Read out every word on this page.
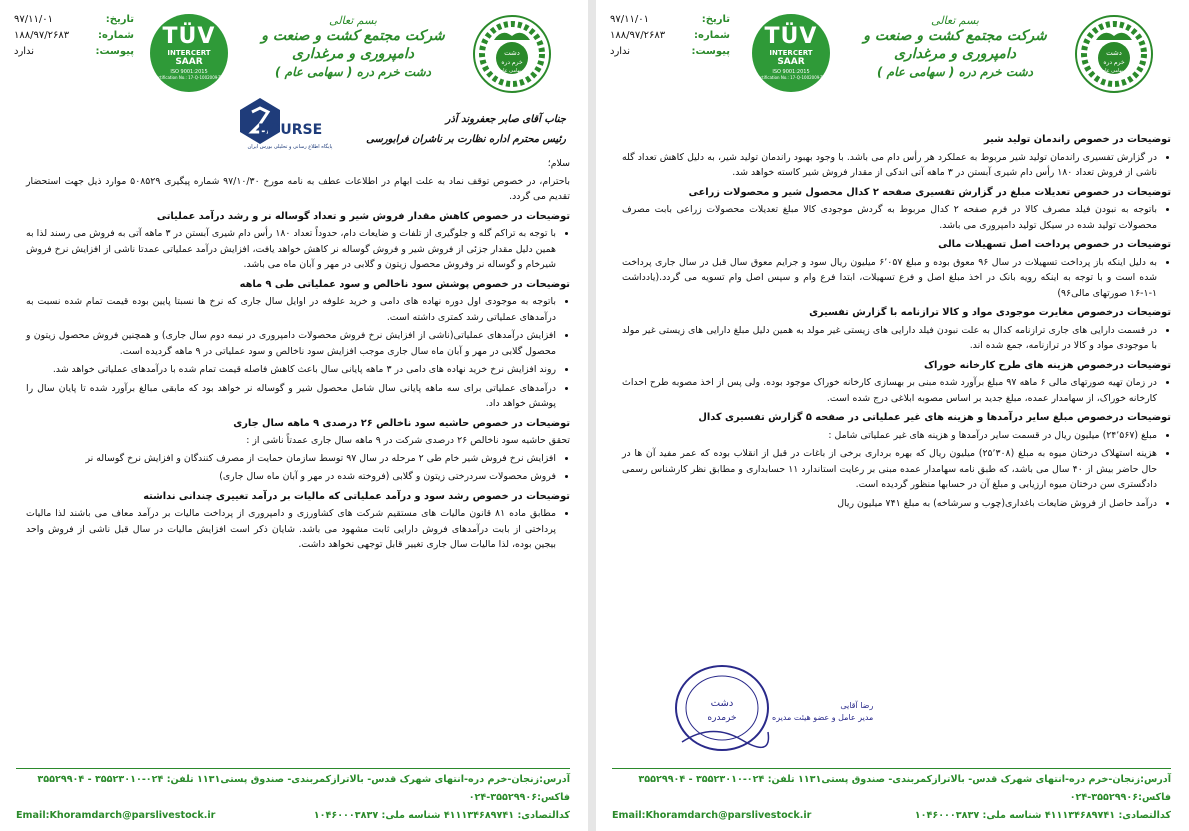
تاریخ:
۹۷/۱۱/۰۱
شماره:
۱۸۸/۹۷/۲۶۸۳
پیوست:
ندارد
TÜV
INTERCERT
SAAR
ISO 9001:2015
Certification No.: 17-Q-1002009-TIC
بسم تعالی
شرکت مجتمع کشت و صنعت و دامپروری و مرغداری
دشت خرم دره ( سهامی عام )
دشت
خرم دره
سهامی عام
جناب آقای صابر جعفروند آذر
رئیس محترم اداره نظارت بر ناشران فرابورسی
BOURSE
پایگاه اطلاع رسانی و تحلیلی بورس ایران

سلام؛

باحترام، در خصوص توقف نماد به علت ابهام در اطلاعات عطف به نامه مورخ ۹۷/۱۰/۳۰ شماره پیگیری ۵۰۸۵۲۹ موارد ذیل جهت استحضار تقدیم می گردد.

توضیحات در خصوص کاهش مقدار فروش شیر و تعداد گوساله نر و رشد درآمد عملیاتی
• با توجه به تراکم گله و جلوگیری از تلفات و ضایعات دام، حدوداً تعداد ۱۸۰ رأس دام شیری آبستن در ۳ ماهه آتی به فروش می رسند لذا به همین دلیل مقدار جزئی از فروش شیر و فروش گوساله نر کاهش خواهد یافت، افزایش درآمد عملیاتی عمدتا ناشی از افزایش نرخ فروش شیرخام و گوساله نر وفروش محصول زیتون و گلابی در مهر و آبان ماه می باشد.
توضیحات در خصوص پوشش سود ناخالص و سود عملیاتی طی ۹ ماهه
• باتوجه به موجودی اول دوره نهاده های دامی و خرید علوفه در اوایل سال جاری که نرخ ها نسبتا پایین بوده قیمت تمام شده نسبت به درآمدهای عملیاتی رشد کمتری داشته است.
• افزایش درآمدهای عملیاتی(ناشی از افزایش نرخ فروش محصولات دامپروری در نیمه دوم سال جاری) و همچنین فروش محصول زیتون و محصول گلابی در مهر و آبان ماه سال جاری موجب افزایش سود ناخالص و سود عملیاتی در ۹ ماهه گردیده است.
• روند افزایش نرخ خرید نهاده های دامی در ۳ ماهه پایانی سال باعث کاهش فاصله قیمت تمام شده با درآمدهای عملیاتی خواهد شد.
• درآمدهای عملیاتی برای سه ماهه پایانی سال شامل محصول شیر و گوساله نر خواهد بود که مابقی مبالغ برآورد شده تا پایان سال را پوشش خواهد داد.
توضیحات در خصوص حاشیه سود ناخالص ۲۶ درصدی ۹ ماهه سال جاری

تحقق حاشیه سود ناخالص ۲۶ درصدی شرکت در ۹ ماهه سال جاری عمدتاً ناشی از :

• افزایش نرخ فروش شیر خام طی ۲ مرحله در سال ۹۷ توسط سازمان حمایت از مصرف کنندگان و افزایش نرخ گوساله نر
• فروش محصولات سردرختی زیتون و گلابی (فروخته شده در مهر و آبان ماه سال جاری)
توضیحات در خصوص رشد سود و درآمد عملیاتی که مالیات بر درآمد تغییری چندانی نداشته
• مطابق ماده ۸۱ قانون مالیات های مستقیم شرکت های کشاورزی و دامپروری از پرداخت مالیات بر درآمد معاف می باشند لذا مالیات پرداختی از بابت درآمدهای فروش دارایی ثابت مشهود می باشد. شایان ذکر است افزایش مالیات در سال قبل ناشی از فروش واحد بیجین بوده، لذا مالیات سال جاری تغییر قابل توجهی نخواهد داشت.
آدرس:زنجان-خرم دره-انتهای شهرک قدس- بالاترازکمربندی- صندوق پستی۱۱۳۱ تلفن: ۰۲۴-۳۵۵۲۳۰۱۰ - ۳۵۵۲۹۹۰۴ فاکس:۳۵۵۲۹۹۰۶-۰۲۴
کدالتصادی: ۴۱۱۱۳۴۶۸۹۷۴۱ شناسه ملی: ۱۰۴۶۰۰۰۳۸۳۷
Email:Khoramdarch@parslivestock.ir
تاریخ:
۹۷/۱۱/۰۱
شماره:
۱۸۸/۹۷/۲۶۸۳
پیوست:
ندارد
TÜV
INTERCERT
SAAR
ISO 9001:2015
Certification No.: 17-Q-1002009-TIC
بسم تعالی
شرکت مجتمع کشت و صنعت و دامپروری و مرغداری
دشت خرم دره ( سهامی عام )
دشت
خرم دره
سهامی عام
توضیحات در خصوص راندمان تولید شیر
• در گزارش تفسیری راندمان تولید شیر مربوط به عملکرد هر رأس دام می باشد. با وجود بهبود راندمان تولید شیر، به دلیل کاهش تعداد گله ناشی از فروش تعداد ۱۸۰ رأس دام شیری آبستن در ۳ ماهه آتی اندکی از مقدار فروش شیر کاسته خواهد شد.
توضیحات در خصوص تعدیلات مبلغ در گزارش تفسیری صفحه ۲ کدال محصول شیر و محصولات زراعی
• باتوجه به نبودن فیلد مصرف کالا در فرم صفحه ۲ کدال مربوط به گردش موجودی کالا مبلغ تعدیلات محصولات زراعی بابت مصرف محصولات تولید شده در سیکل تولید دامپروری می باشد.
توضیحات در خصوص پرداخت اصل تسهیلات مالی
• به دلیل اینکه باز پرداخت تسهیلات در سال ۹۶ معوق بوده و مبلغ ۶٬۰۵۷ میلیون ریال سود و جرایم معوق سال قبل در سال جاری پرداخت شده است و با توجه به اینکه رویه بانک در اخذ مبلغ اصل و فرع تسهیلات، ابتدا فرع وام و سپس اصل وام تسویه می گردد.(یادداشت ۱-۱-۱۶ صورتهای مالی۹۶)
توضیحات درخصوص مغایرت موجودی مواد و کالا ترازنامه با گزارش تفسیری
• در قسمت دارایی های جاری ترازنامه کدال به علت نبودن فیلد دارایی های زیستی غیر مولد به همین دلیل مبلغ دارایی های زیستی غیر مولد با موجودی مواد و کالا در ترازنامه، جمع شده اند.
توضیحات درخصوص هزینه های طرح کارخانه خوراک
• در زمان تهیه صورتهای مالی ۶ ماهه ۹۷ مبلغ برآورد شده مبنی بر بهسازی کارخانه خوراک موجود بوده. ولی پس از اخذ مصوبه طرح احداث کارخانه خوراک، از سهامدار عمده، مبلغ جدید بر اساس مصوبه ابلاغی درج شده است.
توضیحات درخصوص مبلغ سایر درآمدها و هزینه های غیر عملیاتی در صفحه ۵ گزارش تفسیری کدال
• مبلغ (۲۴٬۵۶۷) میلیون ریال در قسمت سایر درآمدها و هزینه های غیر عملیاتی شامل :
• هزینه استهلاک درختان میوه به مبلغ (۲۵٬۳۰۸) میلیون ریال که بهره برداری برخی از باغات در قبل از انقلاب بوده که عمر مفید آن ها در حال حاضر بیش از ۴۰ سال می باشد، که طبق نامه سهامدار عمده مبنی بر رعایت استاندارد ۱۱ حسابداری و مطابق نظر کارشناس رسمی دادگستری سن درختان میوه ارزیابی و مبلغ آن در حسابها منظور گردیده است.
• درآمد حاصل از فروش ضایعات باغداری(چوب و سرشاخه) به مبلغ ۷۴۱ میلیون ریال
دشت
خرمدره
رضا آقایی
مدیر عامل و عضو هیئت مدیره
آدرس:زنجان-خرم دره-انتهای شهرک قدس- بالاترازکمربندی- صندوق پستی۱۱۳۱ تلفن: ۰۲۴-۳۵۵۲۳۰۱۰ - ۳۵۵۲۹۹۰۴ فاکس:۳۵۵۲۹۹۰۶-۰۲۴
کدالتصادی: ۴۱۱۱۳۴۶۸۹۷۴۱ شناسه ملی: ۱۰۴۶۰۰۰۳۸۳۷
Email:Khoramdarch@parslivestock.ir
